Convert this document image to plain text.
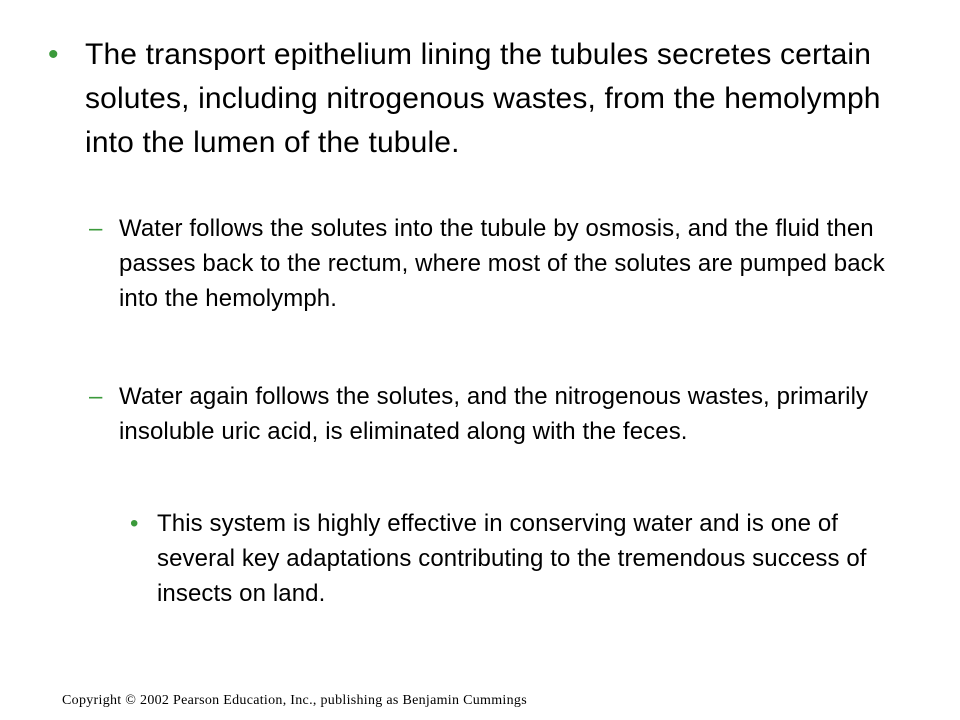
• The transport epithelium lining the tubules secretes certain solutes, including nitrogenous wastes, from the hemolymph into the lumen of the tubule.
– Water follows the solutes into the tubule by osmosis, and the fluid then passes back to the rectum, where most of the solutes are pumped back into the hemolymph.
– Water again follows the solutes, and the nitrogenous wastes, primarily insoluble uric acid, is eliminated along with the feces.
• This system is highly effective in conserving water and is one of several key adaptations contributing to the tremendous success of insects on land.
Copyright © 2002 Pearson Education, Inc., publishing as Benjamin Cummings
